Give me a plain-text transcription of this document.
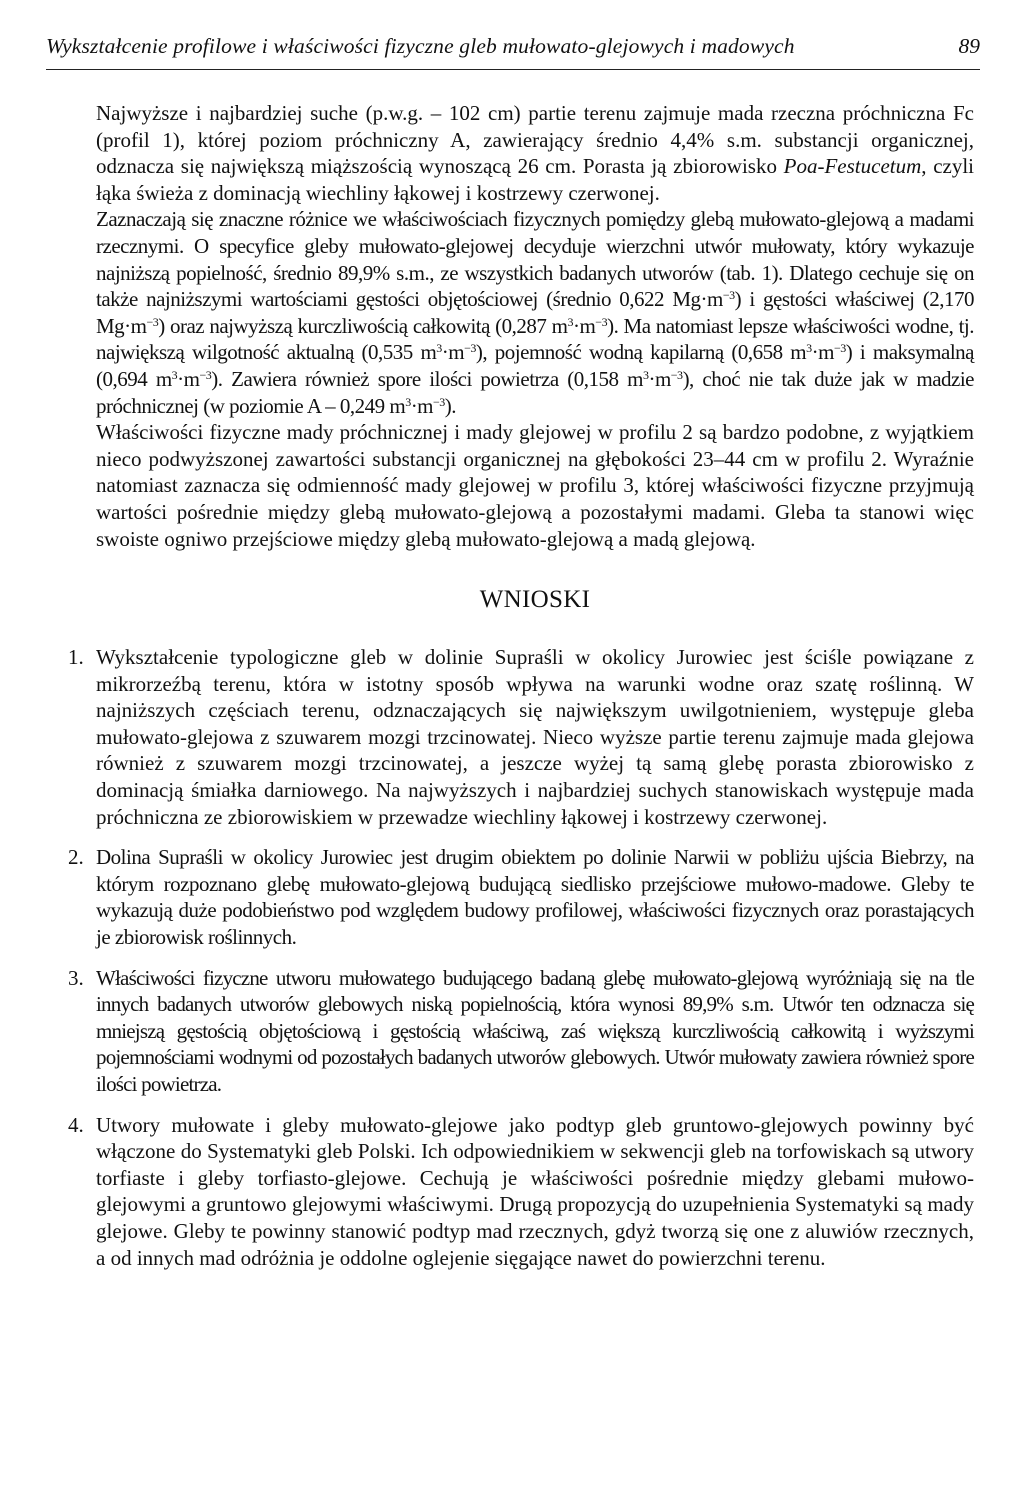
Wykształcenie profilowe i właściwości fizyczne gleb mułowato-glejowych i madowych	89

Najwyższe i najbardziej suche (p.w.g. – 102 cm) partie terenu zajmuje mada rzeczna próchniczna Fc (profil 1), której poziom próchniczny A, zawierający średnio 4,4% s.m. substancji organicznej, odznacza się największą miąższością wynoszącą 26 cm. Porasta ją zbiorowisko Poa-Festucetum, czyli łąka świeża z dominacją wiechliny łąkowej i kostrzewy czerwonej.

Zaznaczają się znaczne różnice we właściwościach fizycznych pomiędzy glebą mułowato-glejową a madami rzecznymi. O specyfice gleby mułowato-glejowej decyduje wierzchni utwór mułowaty, który wykazuje najniższą popielność, średnio 89,9% s.m., ze wszystkich badanych utworów (tab. 1). Dlatego cechuje się on także najniższymi wartościami gęstości objętościowej (średnio 0,622 $Mg\cdot m^{-3}$) i gęstości właściwej (2,170 $Mg\cdot m^{-3}$) oraz najwyższą kurczliwością całkowitą (0,287 $m^3\cdot m^{-3}$). Ma natomiast lepsze właściwości wodne, tj. największą wilgotność aktualną (0,535 $m^3\cdot m^{-3}$), pojemność wodną kapilarną (0,658 $m^3\cdot m^{-3}$) i maksymalną (0,694 $m^3\cdot m^{-3}$). Zawiera również spore ilości powietrza (0,158 $m^3\cdot m^{-3}$), choć nie tak duże jak w madzie próchnicznej (w poziomie A – 0,249 $m^3\cdot m^{-3}$).

Właściwości fizyczne mady próchnicznej i mady glejowej w profilu 2 są bardzo podobne, z wyjątkiem nieco podwyższonej zawartości substancji organicznej na głębokości 23–44 cm w profilu 2. Wyraźnie natomiast zaznacza się odmienność mady glejowej w profilu 3, której właściwości fizyczne przyjmują wartości pośrednie między glebą mułowato-glejową a pozostałymi madami. Gleba ta stanowi więc swoiste ogniwo przejściowe między glebą mułowato-glejową a madą glejową.

WNIOSKI
1. Wykształcenie typologiczne gleb w dolinie Supraśli w okolicy Jurowiec jest ściśle powiązane z mikrorzeźbą terenu, która w istotny sposób wpływa na warunki wodne oraz szatę roślinną. W najniższych częściach terenu, odznaczających się największym uwilgotnieniem, występuje gleba mułowato-glejowa z szuwarem mozgi trzcinowatej. Nieco wyższe partie terenu zajmuje mada glejowa również z szuwarem mozgi trzcinowatej, a jeszcze wyżej tą samą glebę porasta zbiorowisko z dominacją śmiałka darniowego. Na najwyższych i najbardziej suchych stanowiskach występuje mada próchniczna ze zbiorowiskiem w przewadze wiechliny łąkowej i kostrzewy czerwonej.
2. Dolina Supraśli w okolicy Jurowiec jest drugim obiektem po dolinie Narwii w pobliżu ujścia Biebrzy, na którym rozpoznano glebę mułowato-glejową budującą siedlisko przejściowe mułowo-madowe. Gleby te wykazują duże podobieństwo pod względem budowy profilowej, właściwości fizycznych oraz porastających je zbiorowisk roślinnych.
3. Właściwości fizyczne utworu mułowatego budującego badaną glebę mułowato-glejową wyróżniają się na tle innych badanych utworów glebowych niską popielnością, która wynosi 89,9% s.m. Utwór ten odznacza się mniejszą gęstością objętościową i gęstością właściwą, zaś większą kurczliwością całkowitą i wyższymi pojemnościami wodnymi od pozostałych badanych utworów glebowych. Utwór mułowaty zawiera również spore ilości powietrza.
4. Utwory mułowate i gleby mułowato-glejowe jako podtyp gleb gruntowo-glejowych powinny być włączone do Systematyki gleb Polski. Ich odpowiednikiem w sekwencji gleb na torfowiskach są utwory torfiaste i gleby torfiasto-glejowe. Cechują je właściwości pośrednie między glebami mułowo-glejowymi a gruntowo glejowymi właściwymi. Drugą propozycją do uzupełnienia Systematyki są mady glejowe. Gleby te powinny stanowić podtyp mad rzecznych, gdyż tworzą się one z aluwiów rzecznych, a od innych mad odróżnia je oddolne oglejenie sięgające nawet do powierzchni terenu.
